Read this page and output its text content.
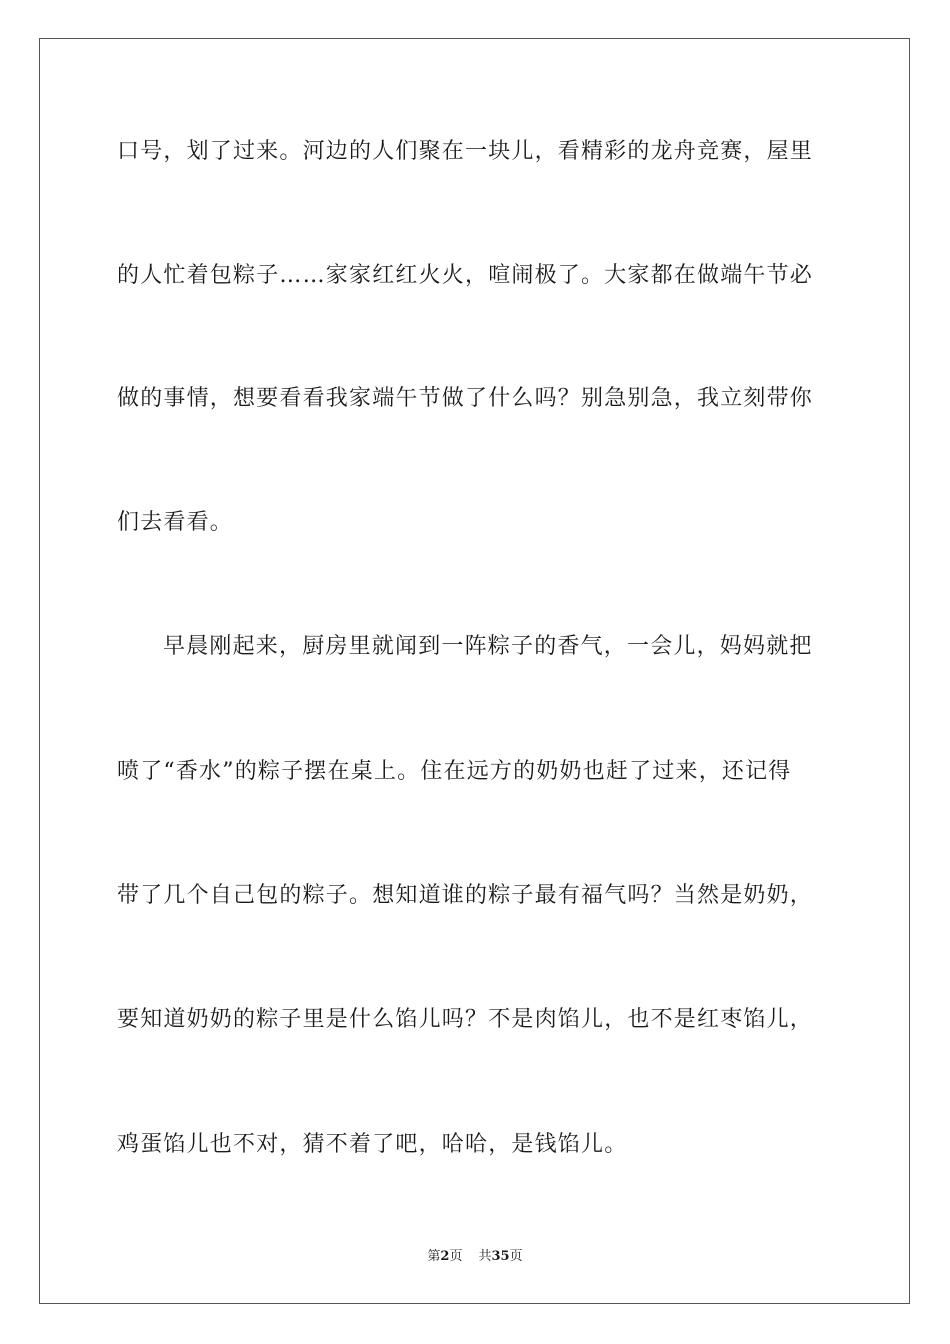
口号，划了过来。河边的人们聚在一块儿，看精彩的龙舟竞赛，屋里
的人忙着包粽子……家家红红火火，喧闹极了。大家都在做端午节必
做的事情，想要看看我家端午节做了什么吗？别急别急，我立刻带你
们去看看。
早晨刚起来，厨房里就闻到一阵粽子的香气，一会儿，妈妈就把
喷了“香水”的粽子摆在桌上。住在远方的奶奶也赶了过来，还记得
带了几个自己包的粽子。想知道谁的粽子最有福气吗？当然是奶奶，
要知道奶奶的粽子里是什么馅儿吗？不是肉馅儿，也不是红枣馅儿，
鸡蛋馅儿也不对，猜不着了吧，哈哈，是钱馅儿。
第2页 共35页
